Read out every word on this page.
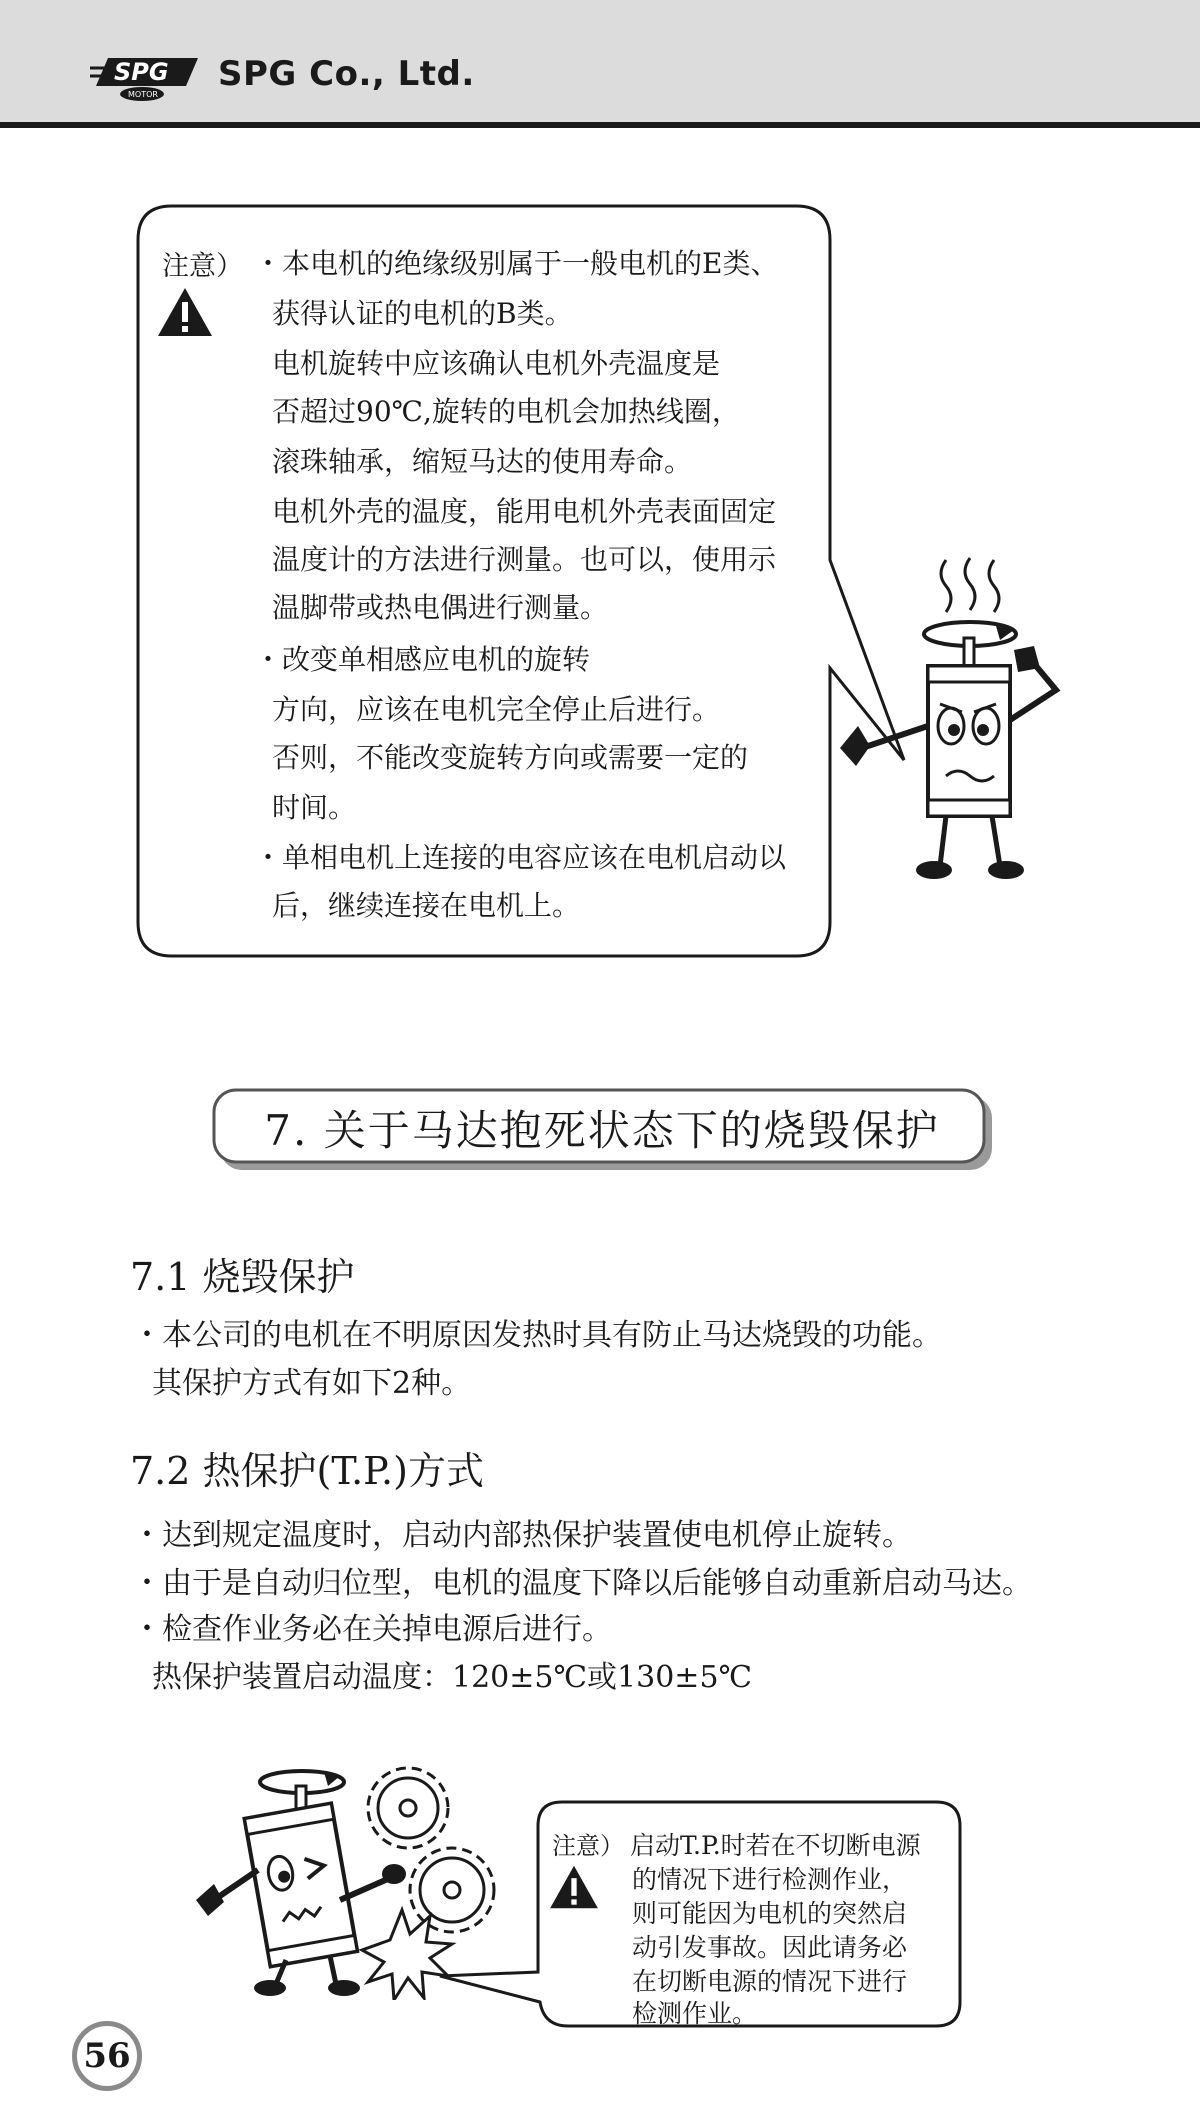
SPG
MOTOR
SPG Co., Ltd.
注意） ・本电机的绝缘级别属于一般电机的E类、
获得认证的电机的B类。
电机旋转中应该确认电机外壳温度是
否超过90℃,旋转的电机会加热线圈，
滚珠轴承，缩短马达的使用寿命。
电机外壳的温度，能用电机外壳表面固定
温度计的方法进行测量。也可以，使用示
温脚带或热电偶进行测量。
・改变单相感应电机的旋转
方向，应该在电机完全停止后进行。
否则，不能改变旋转方向或需要一定的
时间。
・单相电机上连接的电容应该在电机启动以
后，继续连接在电机上。
7. 关于马达抱死状态下的烧毁保护
7.1 烧毁保护
・本公司的电机在不明原因发热时具有防止马达烧毁的功能。
其保护方式有如下2种。
7.2 热保护(T.P.)方式
・达到规定温度时，启动内部热保护装置使电机停止旋转。
・由于是自动归位型，电机的温度下降以后能够自动重新启动马达。
・检查作业务必在关掉电源后进行。
热保护装置启动温度：120±5℃或130±5℃
注意） 启动T.P.时若在不切断电源
的情况下进行检测作业，
则可能因为电机的突然启
动引发事故。因此请务必
在切断电源的情况下进行
检测作业。
56
